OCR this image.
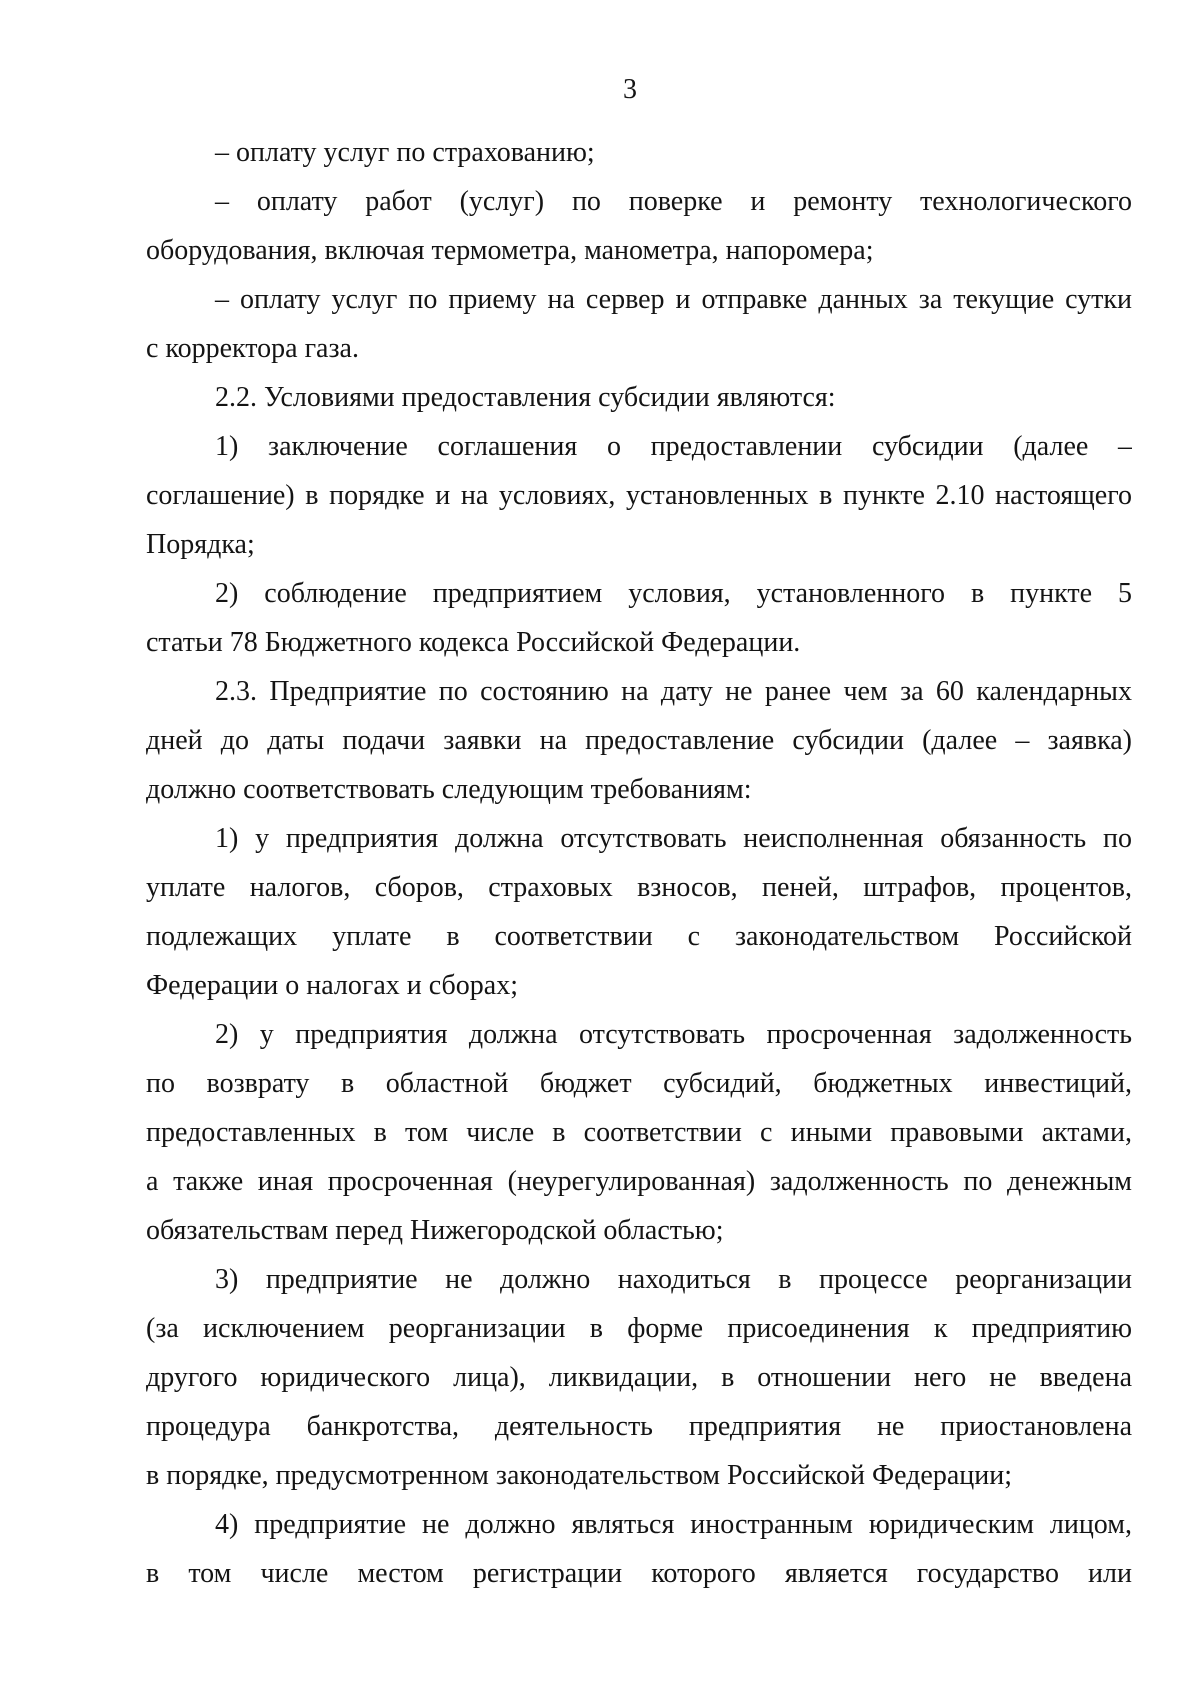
3
– оплату услуг по страхованию;
– оплату работ (услуг) по поверке и ремонту технологического
оборудования, включая термометра, манометра, напоромера;
– оплату услуг по приему на сервер и отправке данных за текущие сутки
с корректора газа.
2.2. Условиями предоставления субсидии являются:
1) заключение соглашения о предоставлении субсидии (далее –
соглашение) в порядке и на условиях, установленных в пункте 2.10 настоящего
Порядка;
2) соблюдение предприятием условия, установленного в пункте 5
статьи 78 Бюджетного кодекса Российской Федерации.
2.3. Предприятие по состоянию на дату не ранее чем за 60 календарных
дней до даты подачи заявки на предоставление субсидии (далее – заявка)
должно соответствовать следующим требованиям:
1) у предприятия должна отсутствовать неисполненная обязанность по
уплате налогов, сборов, страховых взносов, пеней, штрафов, процентов,
подлежащих уплате в соответствии с законодательством Российской
Федерации о налогах и сборах;
2) у предприятия должна отсутствовать просроченная задолженность
по возврату в областной бюджет субсидий, бюджетных инвестиций,
предоставленных в том числе в соответствии с иными правовыми актами,
а также иная просроченная (неурегулированная) задолженность по денежным
обязательствам перед Нижегородской областью;
3) предприятие не должно находиться в процессе реорганизации
(за исключением реорганизации в форме присоединения к предприятию
другого юридического лица), ликвидации, в отношении него не введена
процедура банкротства, деятельность предприятия не приостановлена
в порядке, предусмотренном законодательством Российской Федерации;
4) предприятие не должно являться иностранным юридическим лицом,
в том числе местом регистрации которого является государство или
